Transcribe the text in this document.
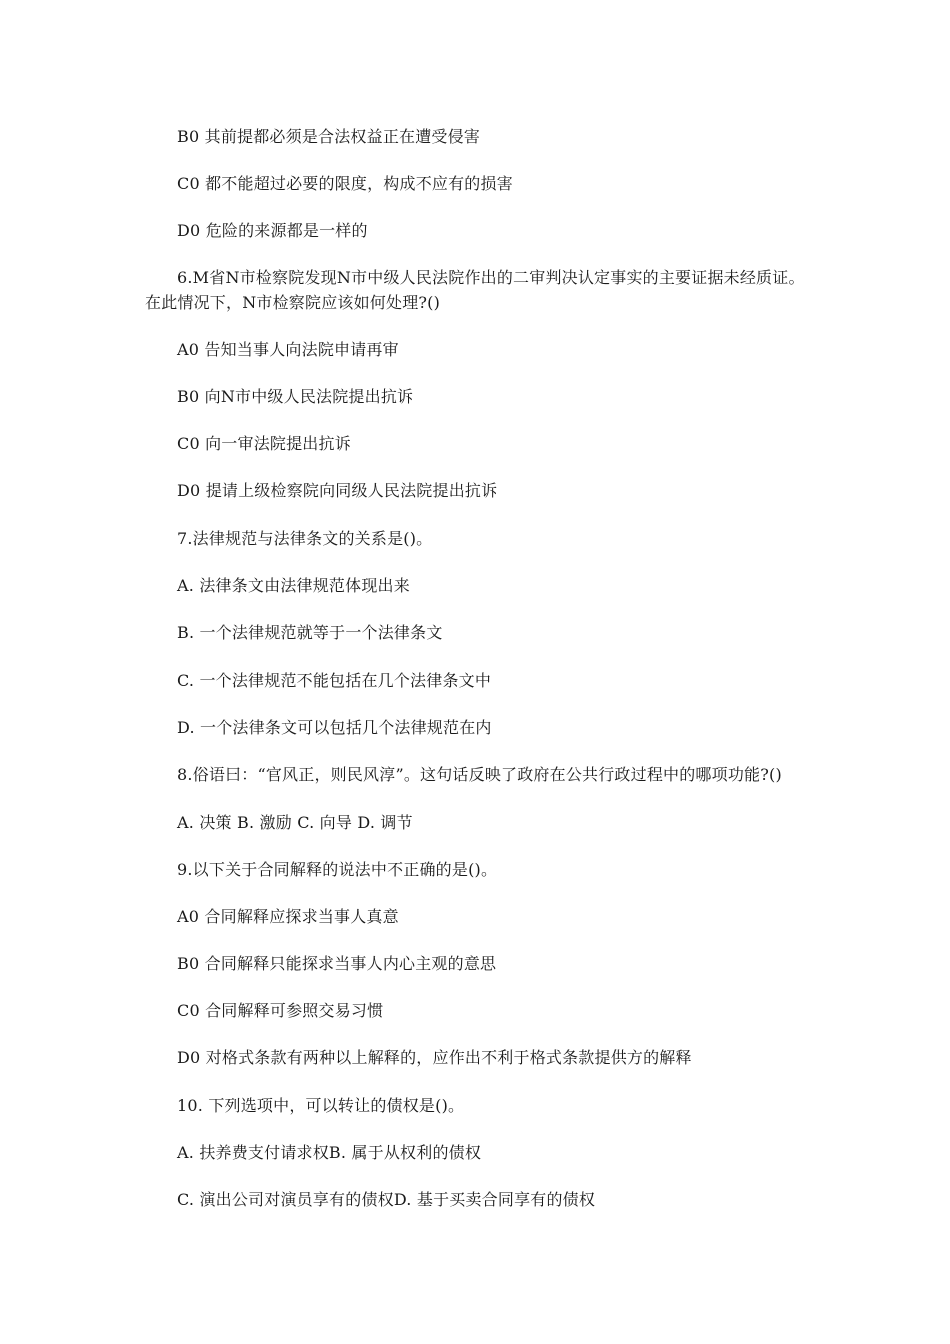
B0 其前提都必须是合法权益正在遭受侵害
C0 都不能超过必要的限度，构成不应有的损害
D0 危险的来源都是一样的
6.M省N市检察院发现N市中级人民法院作出的二审判决认定事实的主要证据未经质证。
在此情况下，N市检察院应该如何处理?()
A0 告知当事人向法院申请再审
B0 向N市中级人民法院提出抗诉
C0 向一审法院提出抗诉
D0 提请上级检察院向同级人民法院提出抗诉
7.法律规范与法律条文的关系是()。
A. 法律条文由法律规范体现出来
B. 一个法律规范就等于一个法律条文
C. 一个法律规范不能包括在几个法律条文中
D. 一个法律条文可以包括几个法律规范在内
8.俗语曰：“官风正，则民风淳”。这句话反映了政府在公共行政过程中的哪项功能?()
A. 决策 B. 激励 C. 向导 D. 调节
9.以下关于合同解释的说法中不正确的是()。
A0 合同解释应探求当事人真意
B0 合同解释只能探求当事人内心主观的意思
C0 合同解释可参照交易习惯
D0 对格式条款有两种以上解释的，应作出不利于格式条款提供方的解释
10. 下列选项中，可以转让的债权是()。
A. 扶养费支付请求权B. 属于从权利的债权
C. 演出公司对演员享有的债权D. 基于买卖合同享有的债权
